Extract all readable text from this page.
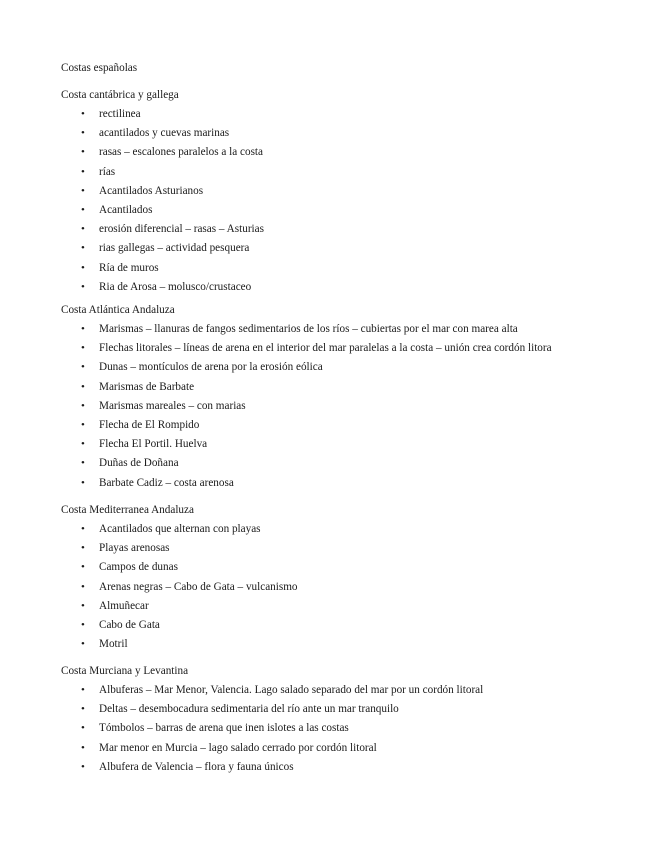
Costas españolas
Costa cantábrica y gallega
• rectilinea
• acantilados y cuevas marinas
• rasas – escalones paralelos a la costa
• rías
• Acantilados Asturianos
• Acantilados
• erosión diferencial – rasas – Asturias
• rias gallegas – actividad pesquera
• Ría de muros
• Ria de Arosa – molusco/crustaceo
Costa Atlántica Andaluza
• Marismas – llanuras de fangos sedimentarios de los ríos – cubiertas por el mar con marea alta
• Flechas litorales – líneas de arena en el interior del mar paralelas a la costa – unión crea cordón litora
• Dunas – montículos de arena por la erosión eólica
• Marismas de Barbate
• Marismas mareales – con marias
• Flecha de El Rompido
• Flecha El Portil. Huelva
• Duñas de Doñana
• Barbate Cadiz – costa arenosa
Costa Mediterranea Andaluza
• Acantilados que alternan con playas
• Playas arenosas
• Campos de dunas
• Arenas negras – Cabo de Gata – vulcanismo
• Almuñecar
• Cabo de Gata
• Motril
Costa Murciana y Levantina
• Albuferas – Mar Menor, Valencia. Lago salado separado del mar por un cordón litoral
• Deltas – desembocadura sedimentaria del río ante un mar tranquilo
• Tómbolos – barras de arena que inen islotes a las costas
• Mar menor en Murcia – lago salado cerrado por cordón litoral
• Albufera de Valencia – flora y fauna únicos
